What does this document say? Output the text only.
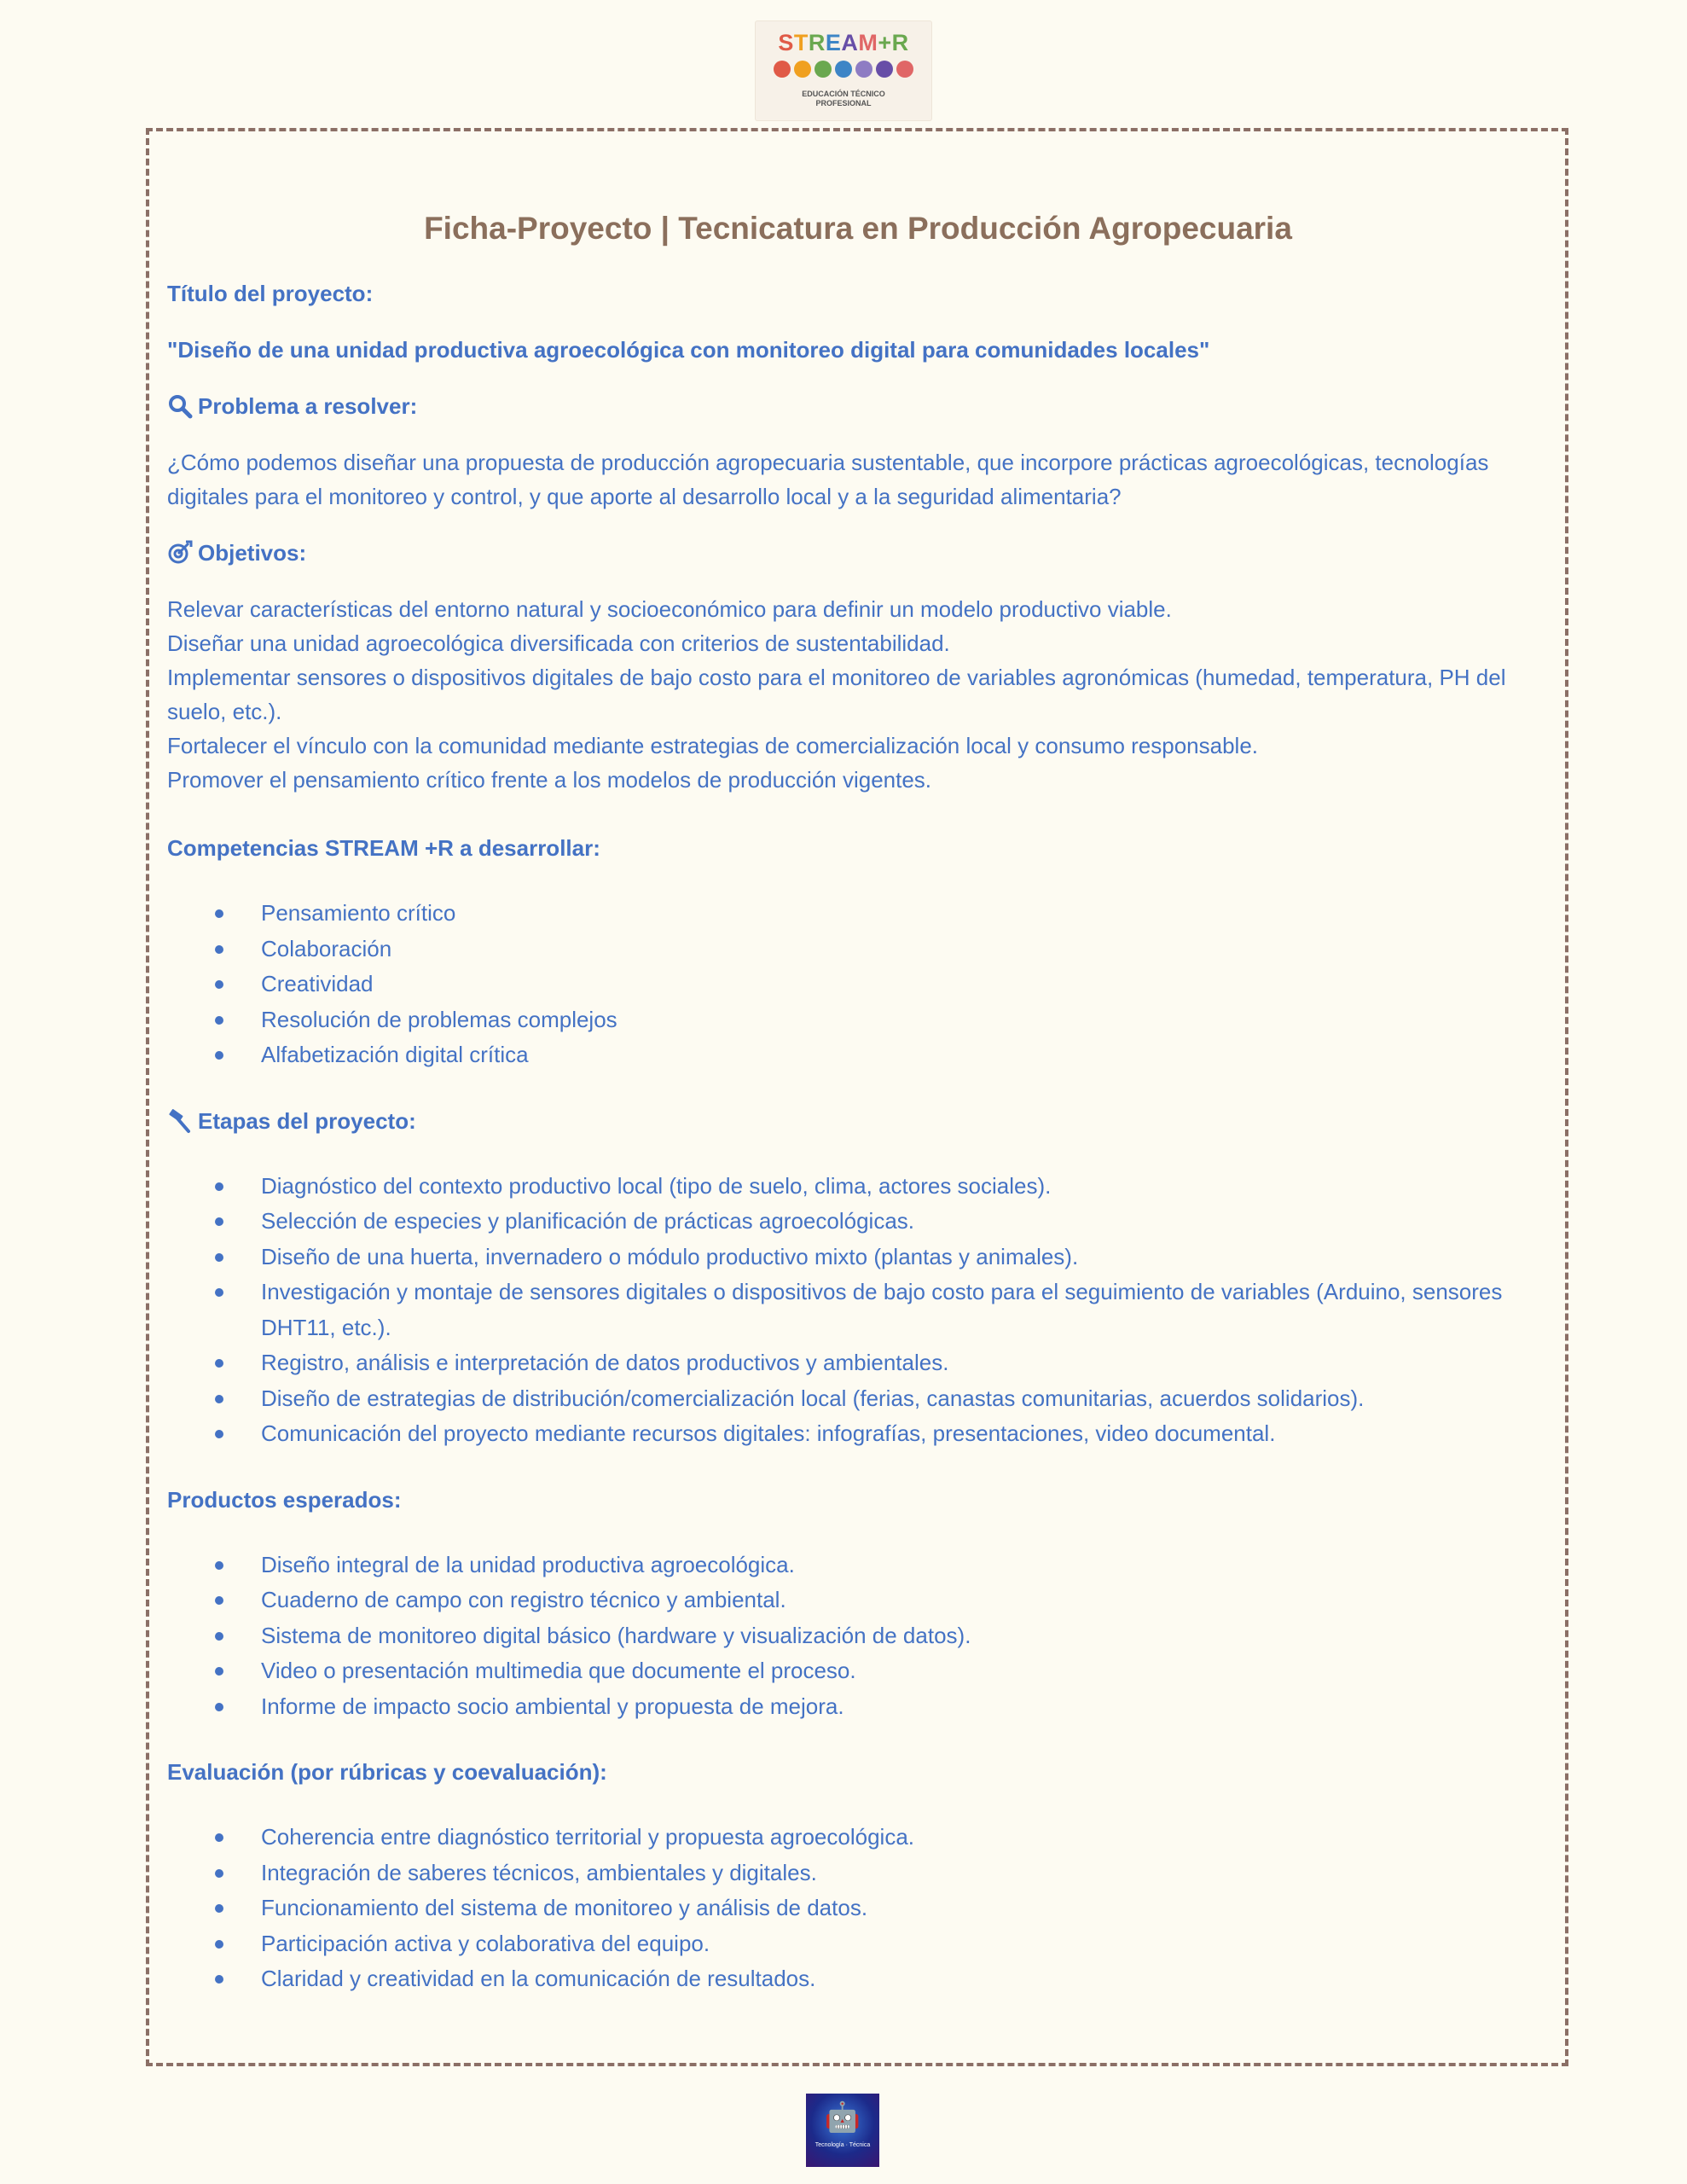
STREAM+R
EDUCACIÓN TÉCNICO
PROFESIONAL
Ficha-Proyecto | Tecnicatura en Producción Agropecuaria

Título del proyecto:

"Diseño de una unidad productiva agroecológica con monitoreo digital para comunidades locales"

Problema a resolver:

¿Cómo podemos diseñar una propuesta de producción agropecuaria sustentable, que incorpore prácticas agroecológicas, tecnologías digitales para el monitoreo y control, y que aporte al desarrollo local y a la seguridad alimentaria?

Objetivos:

Relevar características del entorno natural y socioeconómico para definir un modelo productivo viable.

Diseñar una unidad agroecológica diversificada con criterios de sustentabilidad.

Implementar sensores o dispositivos digitales de bajo costo para el monitoreo de variables agronómicas (humedad, temperatura, PH del suelo, etc.).

Fortalecer el vínculo con la comunidad mediante estrategias de comercialización local y consumo responsable.

Promover el pensamiento crítico frente a los modelos de producción vigentes.

Competencias STREAM +R a desarrollar:

Pensamiento crítico
Colaboración
Creatividad
Resolución de problemas complejos
Alfabetización digital crítica

Etapas del proyecto:

Diagnóstico del contexto productivo local (tipo de suelo, clima, actores sociales).
Selección de especies y planificación de prácticas agroecológicas.
Diseño de una huerta, invernadero o módulo productivo mixto (plantas y animales).
Investigación y montaje de sensores digitales o dispositivos de bajo costo para el seguimiento de variables (Arduino, sensores DHT11, etc.).
Registro, análisis e interpretación de datos productivos y ambientales.
Diseño de estrategias de distribución/comercialización local (ferias, canastas comunitarias, acuerdos solidarios).
Comunicación del proyecto mediante recursos digitales: infografías, presentaciones, video documental.

Productos esperados:

Diseño integral de la unidad productiva agroecológica.
Cuaderno de campo con registro técnico y ambiental.
Sistema de monitoreo digital básico (hardware y visualización de datos).
Video o presentación multimedia que documente el proceso.
Informe de impacto socio ambiental y propuesta de mejora.

Evaluación (por rúbricas y coevaluación):

Coherencia entre diagnóstico territorial y propuesta agroecológica.
Integración de saberes técnicos, ambientales y digitales.
Funcionamiento del sistema de monitoreo y análisis de datos.
Participación activa y colaborativa del equipo.
Claridad y creatividad en la comunicación de resultados.
🤖
Tecnología · Técnica
